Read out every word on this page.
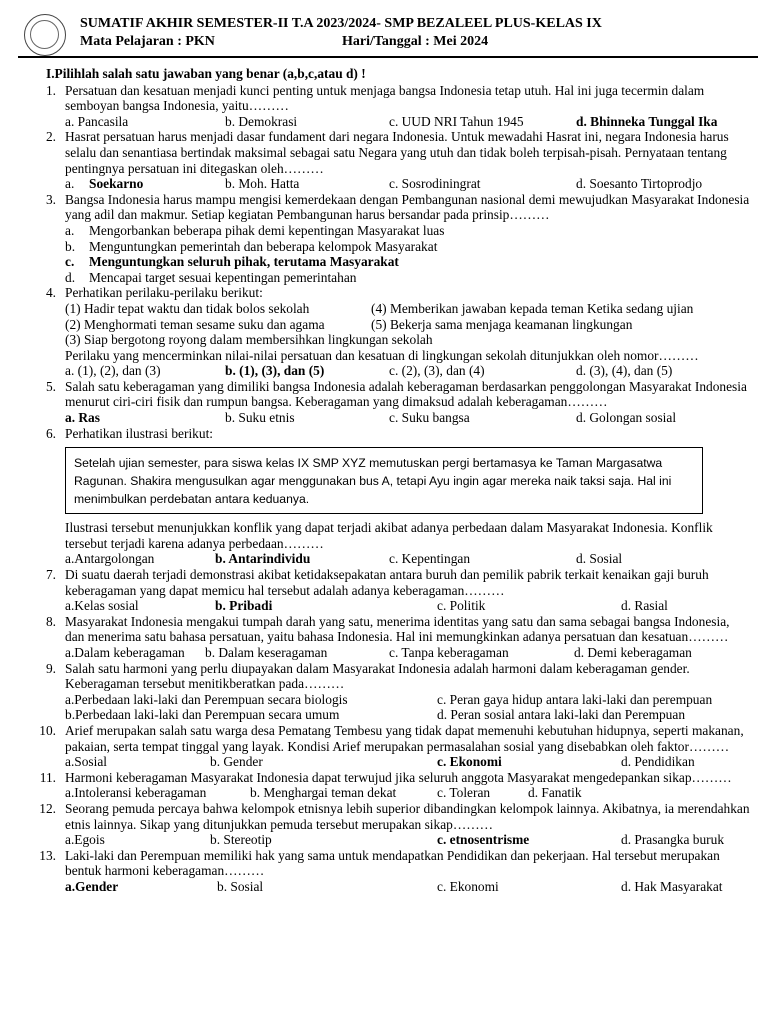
SUMATIF AKHIR SEMESTER-II T.A 2023/2024- SMP BEZALEEL PLUS-KELAS IX
Mata Pelajaran : PKN	Hari/Tanggal : Mei 2024
I.Pilihlah salah satu jawaban yang benar (a,b,c,atau d) !
1. Persatuan dan kesatuan menjadi kunci penting untuk menjaga bangsa Indonesia tetap utuh. Hal ini juga tecermin dalam semboyan bangsa Indonesia, yaitu………

a. Pancasila	b. Demokrasi	c. UUD NRI Tahun 1945	d. Bhinneka Tunggal Ika
2. Hasrat persatuan harus menjadi dasar fundament dari negara Indonesia. Untuk mewadahi Hasrat ini, negara Indonesia harus selalu dan senantiasa bertindak maksimal sebagai satu Negara yang utuh dan tidak boleh terpisah-pisah. Pernyataan tentang pentingnya persatuan ini ditegaskan oleh………

a. Soekarno	b. Moh. Hatta	c. Sosrodiningrat	d. Soesanto Tirtoprodjo
3. Bangsa Indonesia harus mampu mengisi kemerdekaan dengan Pembangunan nasional demi mewujudkan Masyarakat Indonesia yang adil dan makmur. Setiap kegiatan Pembangunan harus bersandar pada prinsip………

a. Mengorbankan beberapa pihak demi kepentingan Masyarakat luas
b. Menguntungkan pemerintah dan beberapa kelompok Masyarakat
c. Menguntungkan seluruh pihak, terutama Masyarakat
d. Mencapai target sesuai kepentingan pemerintahan
4. Perhatikan perilaku-perilaku berikut:

(1) Hadir tepat waktu dan tidak bolos sekolah	(4) Memberikan jawaban kepada teman Ketika sedang ujian
(2) Menghormati teman sesame suku dan agama	(5) Bekerja sama menjaga keamanan lingkungan
(3) Siap bergotong royong dalam membersihkan lingkungan sekolah

Perilaku yang mencerminkan nilai-nilai persatuan dan kesatuan di lingkungan sekolah ditunjukkan oleh nomor………

a. (1), (2), dan (3)	b. (1), (3), dan (5)	c. (2), (3), dan (4)	d. (3), (4), dan (5)
5. Salah satu keberagaman yang dimiliki bangsa Indonesia adalah keberagaman berdasarkan penggolongan Masyarakat Indonesia menurut ciri-ciri fisik dan rumpun bangsa. Keberagaman yang dimaksud adalah keberagaman………

a. Ras	b. Suku etnis	c. Suku bangsa	d. Golongan sosial
6. Perhatikan ilustrasi berikut:

Setelah ujian semester, para siswa kelas IX SMP XYZ memutuskan pergi bertamasya ke Taman Margasatwa Ragunan. Shakira mengusulkan agar menggunakan bus A, tetapi Ayu ingin agar mereka naik taksi saja. Hal ini menimbulkan perdebatan antara keduanya.

Ilustrasi tersebut menunjukkan konflik yang dapat terjadi akibat adanya perbedaan dalam Masyarakat Indonesia. Konflik tersebut terjadi karena adanya perbedaan………

a.Antargolongan	b. Antarindividu	c. Kepentingan	d. Sosial
7. Di suatu daerah terjadi demonstrasi akibat ketidaksepakatan antara buruh dan pemilik pabrik terkait kenaikan gaji buruh keberagaman yang dapat memicu hal tersebut adalah adanya keberagaman………

a.Kelas sosial	b. Pribadi	c. Politik	d. Rasial
8. Masyarakat Indonesia mengakui tumpah darah yang satu, menerima identitas yang satu dan sama sebagai bangsa Indonesia, dan menerima satu bahasa persatuan, yaitu bahasa Indonesia. Hal ini memungkinkan adanya persatuan dan kesatuan………

a.Dalam keberagaman b. Dalam keseragaman	c. Tanpa keberagaman	d. Demi keberagaman
9. Salah satu harmoni yang perlu diupayakan dalam Masyarakat Indonesia adalah harmoni dalam keberagaman gender. Keberagaman tersebut menitikberatkan pada………

a.Perbedaan laki-laki dan Perempuan secara biologis	c. Peran gaya hidup antara laki-laki dan perempuan
b.Perbedaan laki-laki dan Perempuan secara umum	d. Peran sosial antara laki-laki dan Perempuan
10. Arief merupakan salah satu warga desa Pematang Tembesu yang tidak dapat memenuhi kebutuhan hidupnya, seperti makanan, pakaian, serta tempat tinggal yang layak. Kondisi Arief merupakan permasalahan sosial yang disebabkan oleh faktor………

a.Sosial	b. Gender	c. Ekonomi	d. Pendidikan
11. Harmoni keberagaman Masyarakat Indonesia dapat terwujud jika seluruh anggota Masyarakat mengedepankan sikap………

a.Intoleransi keberagaman	b. Menghargai teman dekat	c. Toleran	d. Fanatik
12. Seorang pemuda percaya bahwa kelompok etnisnya lebih superior dibandingkan kelompok lainnya. Akibatnya, ia merendahkan etnis lainnya. Sikap yang ditunjukkan pemuda tersebut merupakan sikap………

a.Egois	b. Stereotip	c. etnosentrisme	d. Prasangka buruk
13. Laki-laki dan Perempuan memiliki hak yang sama untuk mendapatkan Pendidikan dan pekerjaan. Hal tersebut merupakan bentuk harmoni keberagaman………

a.Gender	b. Sosial	c. Ekonomi	d. Hak Masyarakat
